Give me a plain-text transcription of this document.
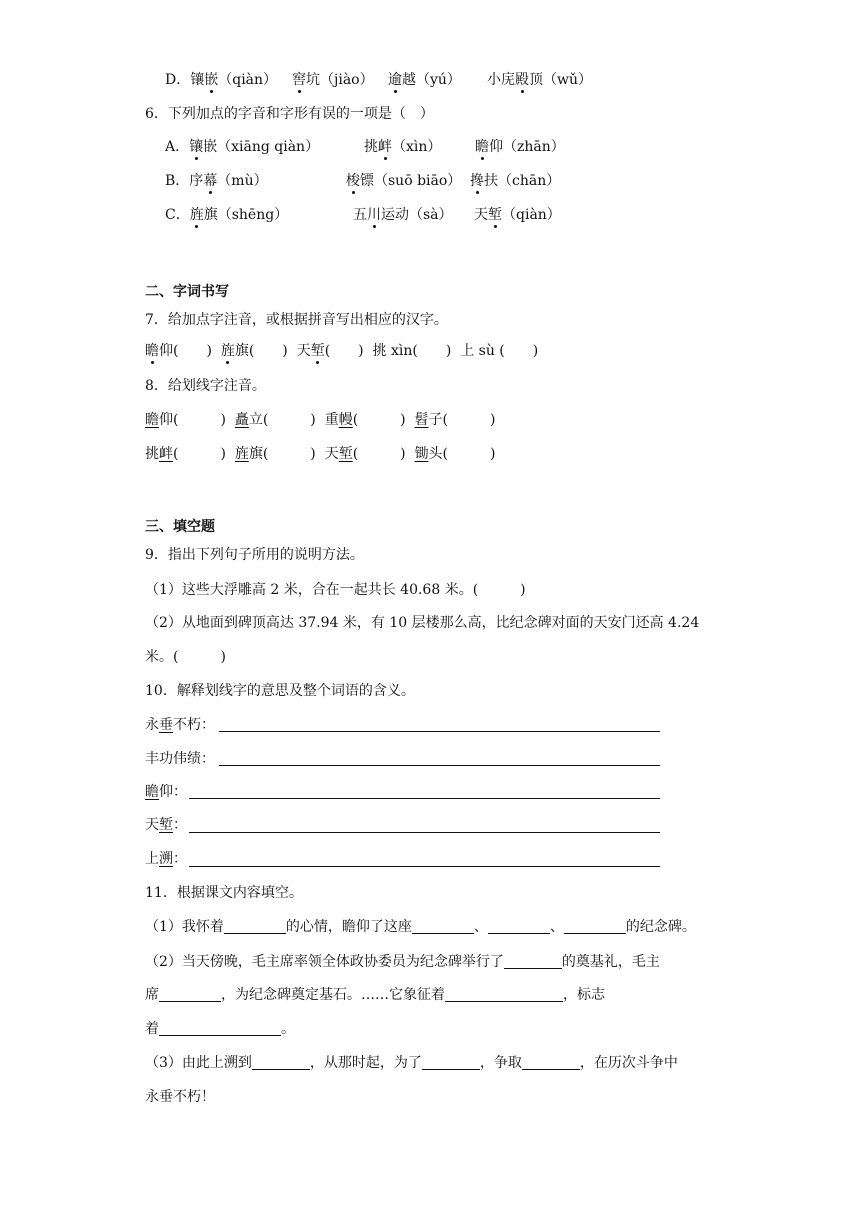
D．镶嵌（qiàn） 窖坑（jiào） 逾越（yú） 小庑殿顶（wǔ）
6．下列加点的字音和字形有误的一项是（　）
A．镶嵌（xiāng qiàn）	挑衅（xìn） 瞻仰（zhān）
B．序幕（mù）	梭镖（suō biāo） 搀扶（chān）
C．旌旗（shēng）	五川运动（sà） 天堑（qiàn）
二、字词书写
7．给加点字注音，或根据拼音写出相应的汉字。
瞻仰(　　) 旌旗(　　) 天堑(　　) 挑 xìn(　　) 上 sù (　　)
8．给划线字注音。
瞻仰(　　　) 矗立(　　　) 重幔(　　　) 髫子(　　　)
挑衅(　　　) 旌旗(　　　) 天堑(　　　) 锄头(　　　)
三、填空题
9．指出下列句子所用的说明方法。
（1）这些大浮雕高 2 米，合在一起共长 40.68 米。(　　　)
（2）从地面到碑顶高达 37.94 米，有 10 层楼那么高，比纪念碑对面的天安门还高 4.24
米。(　　　)
10．解释划线字的意思及整个词语的含义。
永垂不朽：
丰功伟绩：
瞻仰：
天堑：
上溯：
11．根据课文内容填空。
（1）我怀着	的心情，瞻仰了这座	、	、	的纪念碑。
（2）当天傍晚，毛主席率领全体政协委员为纪念碑举行了	的奠基礼，毛主
席	，为纪念碑奠定基石。……它象征着	，标志
着	。
（3）由此上溯到	，从那时起，为了	，争取	，在历次斗争中
永垂不朽！
